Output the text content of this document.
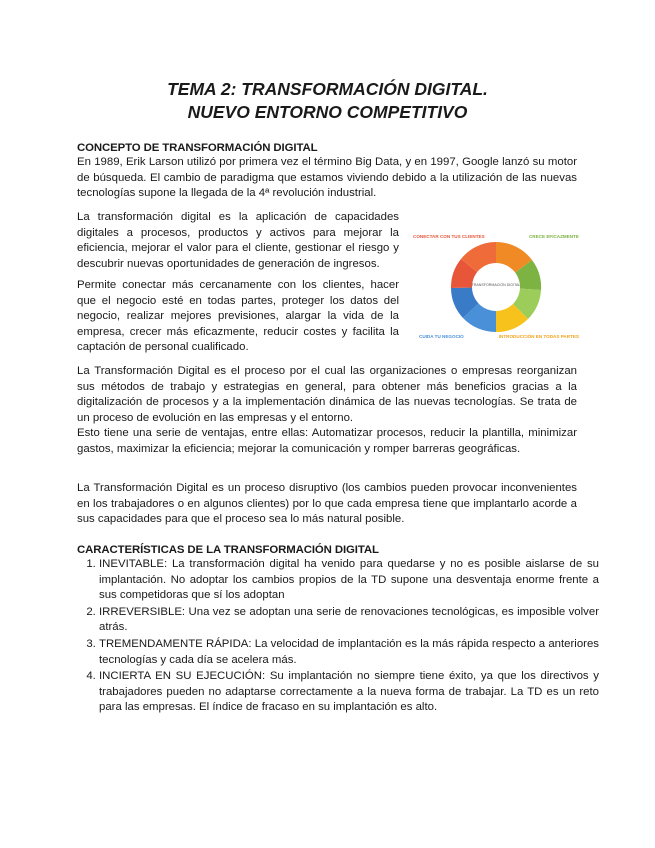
TEMA 2: TRANSFORMACIÓN DIGITAL.
NUEVO ENTORNO COMPETITIVO
CONCEPTO DE TRANSFORMACIÓN DIGITAL

En 1989, Erik Larson utilizó por primera vez el término Big Data, y en 1997, Google lanzó su motor de búsqueda. El cambio de paradigma que estamos viviendo debido a la utilización de las nuevas tecnologías supone la llegada de la 4ª revolución industrial.

La transformación digital es la aplicación de capacidades digitales a procesos, productos y activos para mejorar la eficiencia, mejorar el valor para el cliente, gestionar el riesgo y descubrir nuevas oportunidades de generación de ingresos.

Permite conectar más cercanamente con los clientes, hacer que el negocio esté en todas partes, proteger los datos del negocio, realizar mejores previsiones, alargar la vida de la empresa, crecer más eficazmente, reducir costes y facilita la captación de personal cualificado.

TRANSFORMACIÓN DIGITAL
CONECTAR CON TUS CLIENTES	CRECE EFICAZMENTE
CUIDA TU NEGOCIO	INTRODUCCIÓN EN TODAS PARTES

La Transformación Digital es el proceso por el cual las organizaciones o empresas reorganizan sus métodos de trabajo y estrategias en general, para obtener más beneficios gracias a la digitalización de procesos y a la implementación dinámica de las nuevas tecnologías. Se trata de un proceso de evolución en las empresas y el entorno.

Esto tiene una serie de ventajas, entre ellas: Automatizar procesos, reducir la plantilla, minimizar gastos, maximizar la eficiencia; mejorar la comunicación y romper barreras geográficas.

La Transformación Digital es un proceso disruptivo (los cambios pueden provocar inconvenientes en los trabajadores o en algunos clientes) por lo que cada empresa tiene que implantarlo acorde a sus capacidades para que el proceso sea lo más natural posible.

CARACTERÍSTICAS DE LA TRANSFORMACIÓN DIGITAL
1. INEVITABLE: La transformación digital ha venido para quedarse y no es posible aislarse de su implantación. No adoptar los cambios propios de la TD supone una desventaja enorme frente a sus competidoras que sí los adoptan
2. IRREVERSIBLE: Una vez se adoptan una serie de renovaciones tecnológicas, es imposible volver atrás.
3. TREMENDAMENTE RÁPIDA: La velocidad de implantación es la más rápida respecto a anteriores tecnologías y cada día se acelera más.
4. INCIERTA EN SU EJECUCIÓN: Su implantación no siempre tiene éxito, ya que los directivos y trabajadores pueden no adaptarse correctamente a la nueva forma de trabajar. La TD es un reto para las empresas. El índice de fracaso en su implantación es alto.
